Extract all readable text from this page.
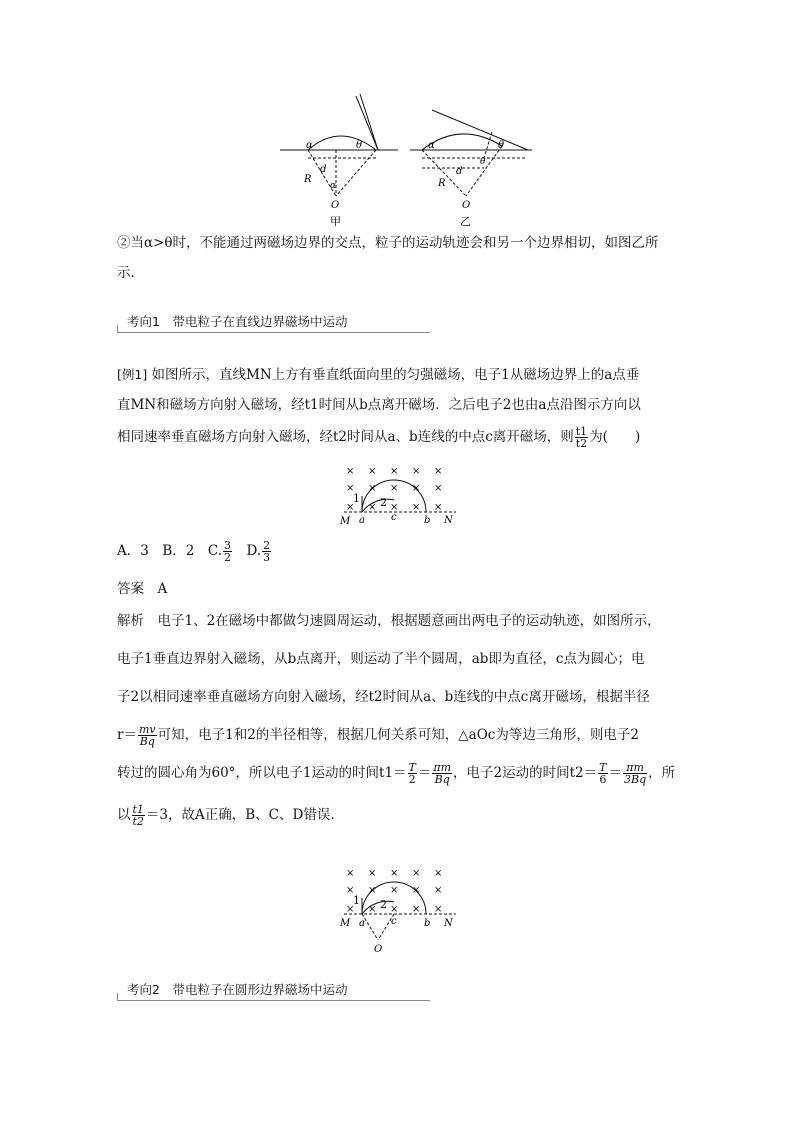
α	θ
d
R
α
O
甲
α	θ
θ
d
R
O
乙
②当α>θ时，不能通过两磁场边界的交点，粒子的运动轨迹会和另一个边界相切，如图乙所
示.
考向1　带电粒子在直线边界磁场中运动
[例1] 如图所示，直线MN上方有垂直纸面向里的匀强磁场，电子1从磁场边界上的a点垂
直MN和磁场方向射入磁场，经t1时间从b点离开磁场．之后电子2也由a点沿图示方向以
相同速率垂直磁场方向射入磁场，经t2时间从a、b连线的中点c离开磁场，则 $\frac{t1}{t2}$ 为(　　)
× × × × ×
× × × × ×
× × × × ×
1 2
M a	c	b N
A．3　 B．2　 C. $\frac{3}{2}$
　 D. $\frac{2}{3}$
答案　A
解析　 电子1、2在磁场中都做匀速圆周运动，根据题意画出两电子的运动轨迹，如图所示，
电子1垂直边界射入磁场，从b点离开，则运动了半个圆周，ab即为直径，c点为圆心；电
子2以相同速率垂直磁场方向射入磁场，经t2时间从a、b连线的中点c离开磁场，根据半径
$r= \frac{mv}{Bq}$ 可知，电子1和2的半径相等，根据几何关系可知，△aOc为等边三角形，则电子2
转过的圆心角为60°，所以电子1运动的时间$t1= \frac{T}{2} = \frac{\pi m}{Bq}$ ，电子2运动的时间$t2= \frac{T}{6} = \frac{\pi m}{3Bq}$ ，所
以 $\frac{t1}{t2} =3$，故A正确，B、C、D错误．
× × × × ×
× × × × ×
× × × × ×
1 2
M a	c	b N
O
考向2　带电粒子在圆形边界磁场中运动
